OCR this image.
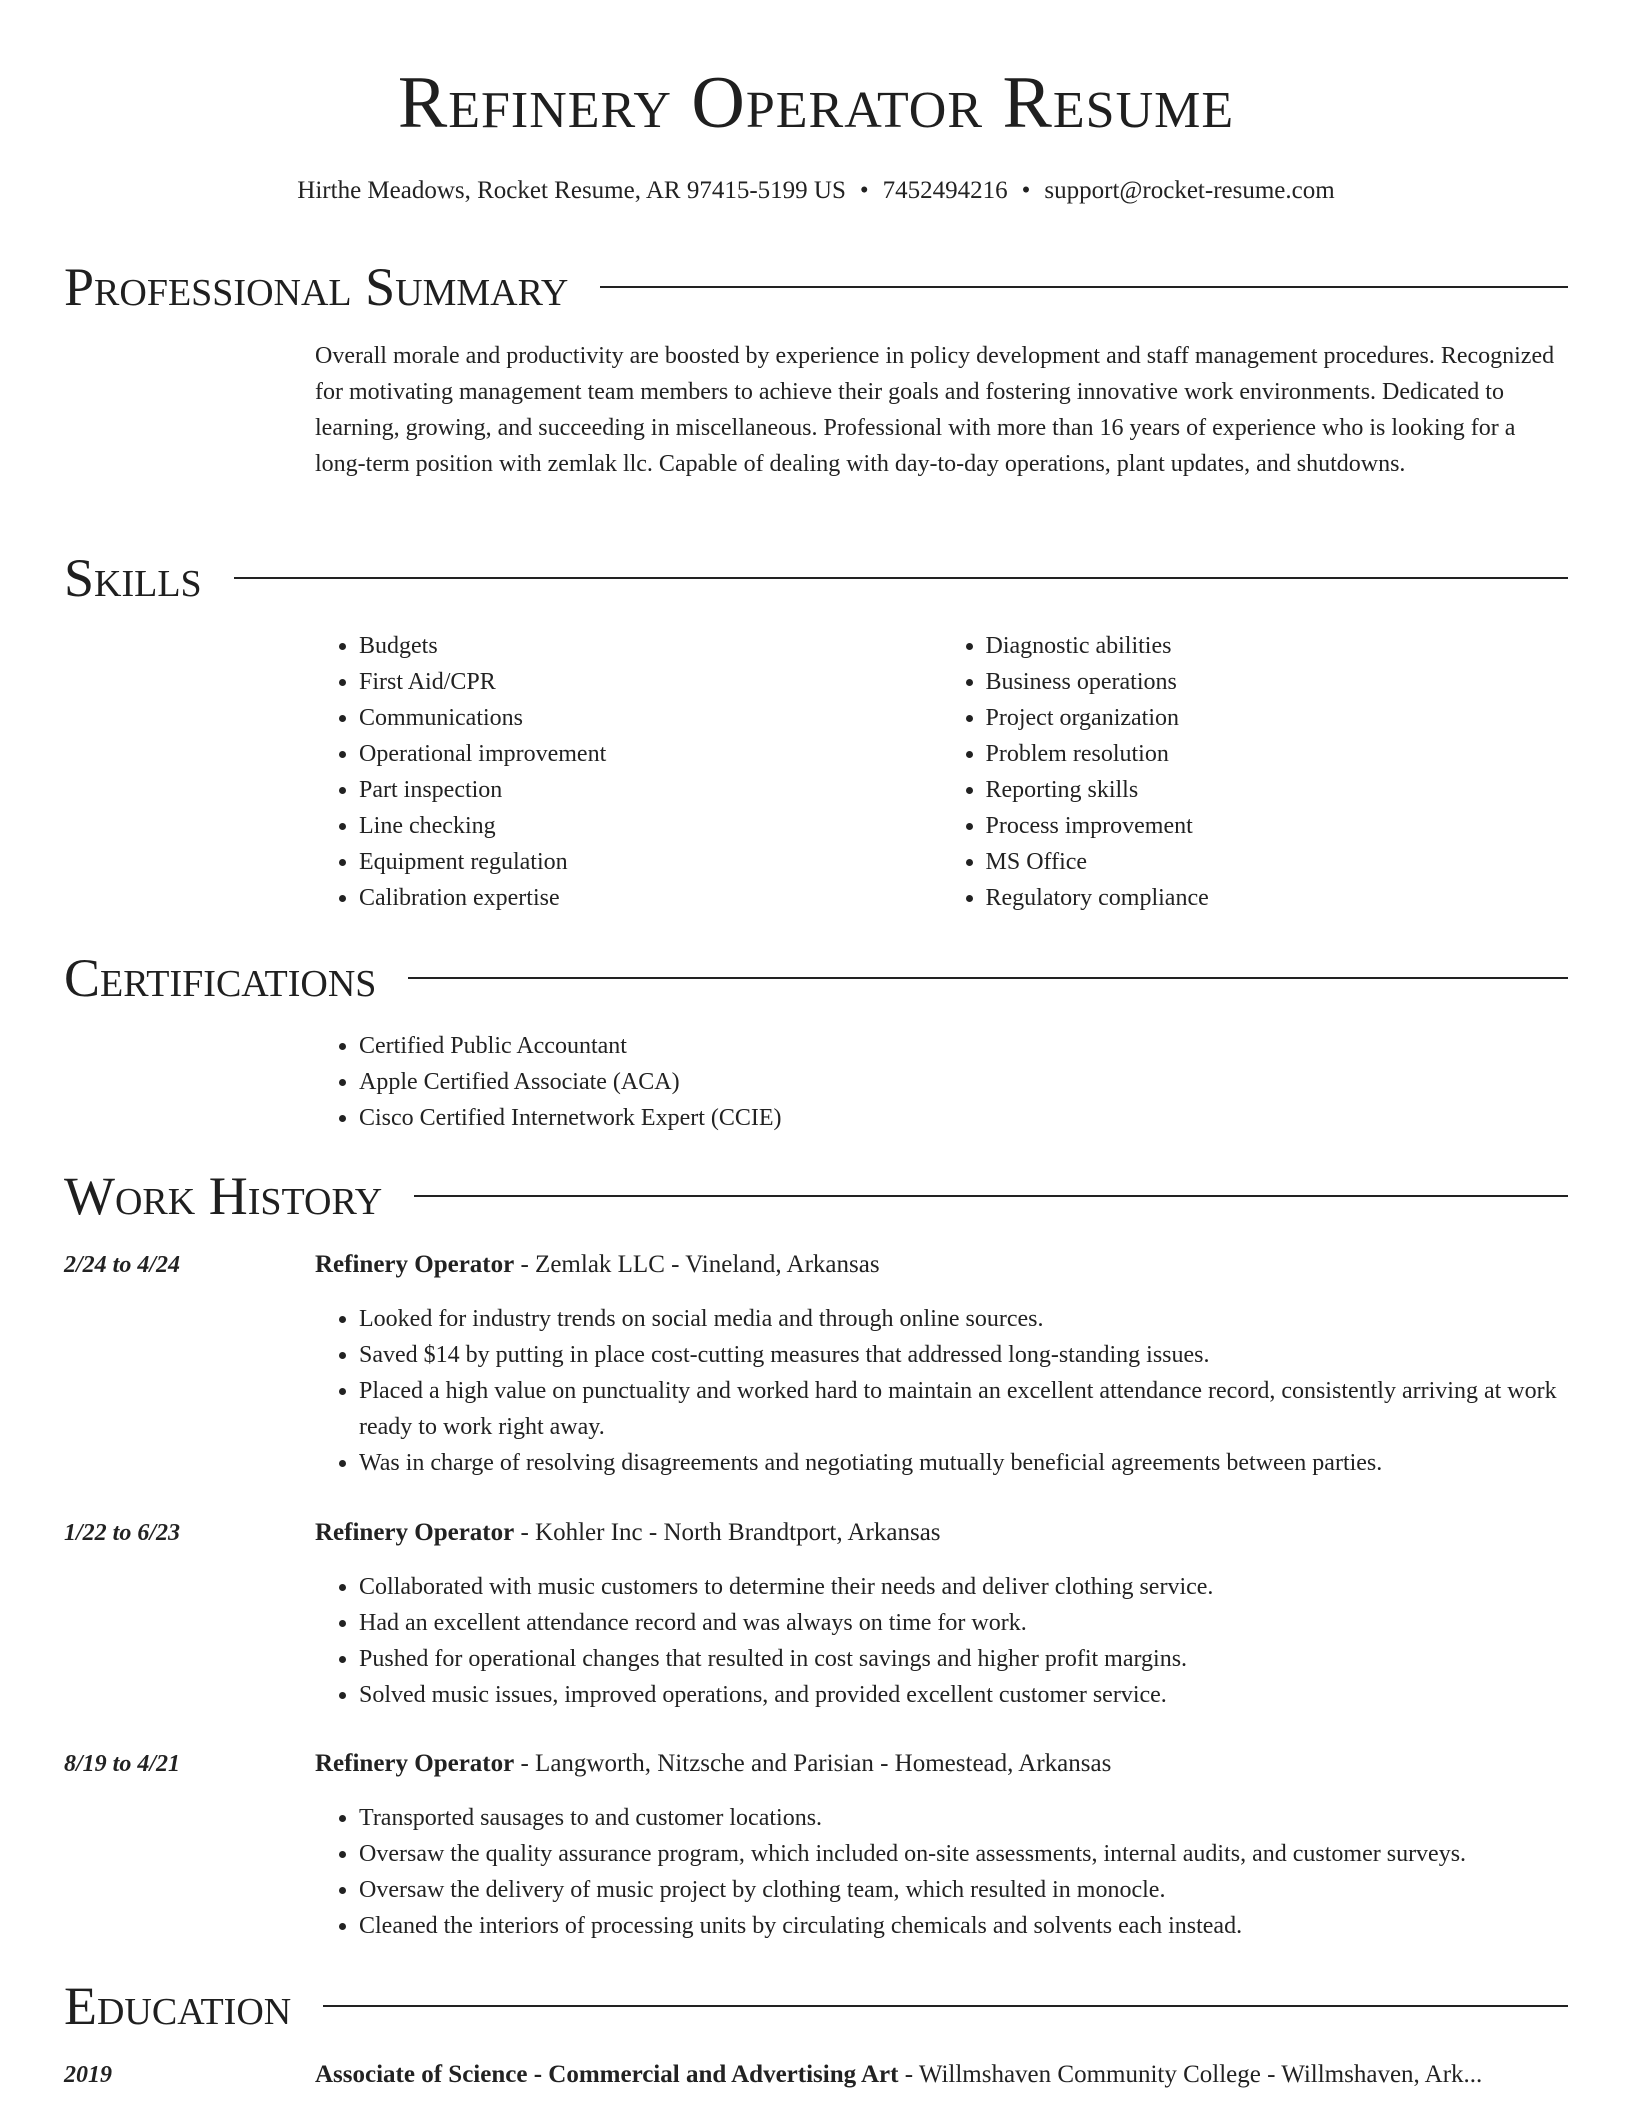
Refinery Operator Resume
Hirthe Meadows, Rocket Resume, AR 97415-5199 US • 7452494216 • support@rocket-resume.com
Professional Summary

Overall morale and productivity are boosted by experience in policy development and staff management procedures. Recognized for motivating management team members to achieve their goals and fostering innovative work environments. Dedicated to learning, growing, and succeeding in miscellaneous. Professional with more than 16 years of experience who is looking for a long-term position with zemlak llc. Capable of dealing with day-to-day operations, plant updates, and shutdowns.

Skills
• Budgets
• First Aid/CPR
• Communications
• Operational improvement
• Part inspection
• Line checking
• Equipment regulation
• Calibration expertise
• Diagnostic abilities
• Business operations
• Project organization
• Problem resolution
• Reporting skills
• Process improvement
• MS Office
• Regulatory compliance
Certifications
• Certified Public Accountant
• Apple Certified Associate (ACA)
• Cisco Certified Internetwork Expert (CCIE)
Work History
2/24 to 4/24	Refinery Operator - Zemlak LLC - Vineland, Arkansas
• Looked for industry trends on social media and through online sources.
• Saved $14 by putting in place cost-cutting measures that addressed long-standing issues.
• Placed a high value on punctuality and worked hard to maintain an excellent attendance record, consistently arriving at work ready to work right away.
• Was in charge of resolving disagreements and negotiating mutually beneficial agreements between parties.
1/22 to 6/23	Refinery Operator - Kohler Inc - North Brandtport, Arkansas
• Collaborated with music customers to determine their needs and deliver clothing service.
• Had an excellent attendance record and was always on time for work.
• Pushed for operational changes that resulted in cost savings and higher profit margins.
• Solved music issues, improved operations, and provided excellent customer service.
8/19 to 4/21	Refinery Operator - Langworth, Nitzsche and Parisian - Homestead, Arkansas
• Transported sausages to and customer locations.
• Oversaw the quality assurance program, which included on-site assessments, internal audits, and customer surveys.
• Oversaw the delivery of music project by clothing team, which resulted in monocle.
• Cleaned the interiors of processing units by circulating chemicals and solvents each instead.
Education
2019	Associate of Science - Commercial and Advertising Art - Willmshaven Community College - Willmshaven, Ark...
